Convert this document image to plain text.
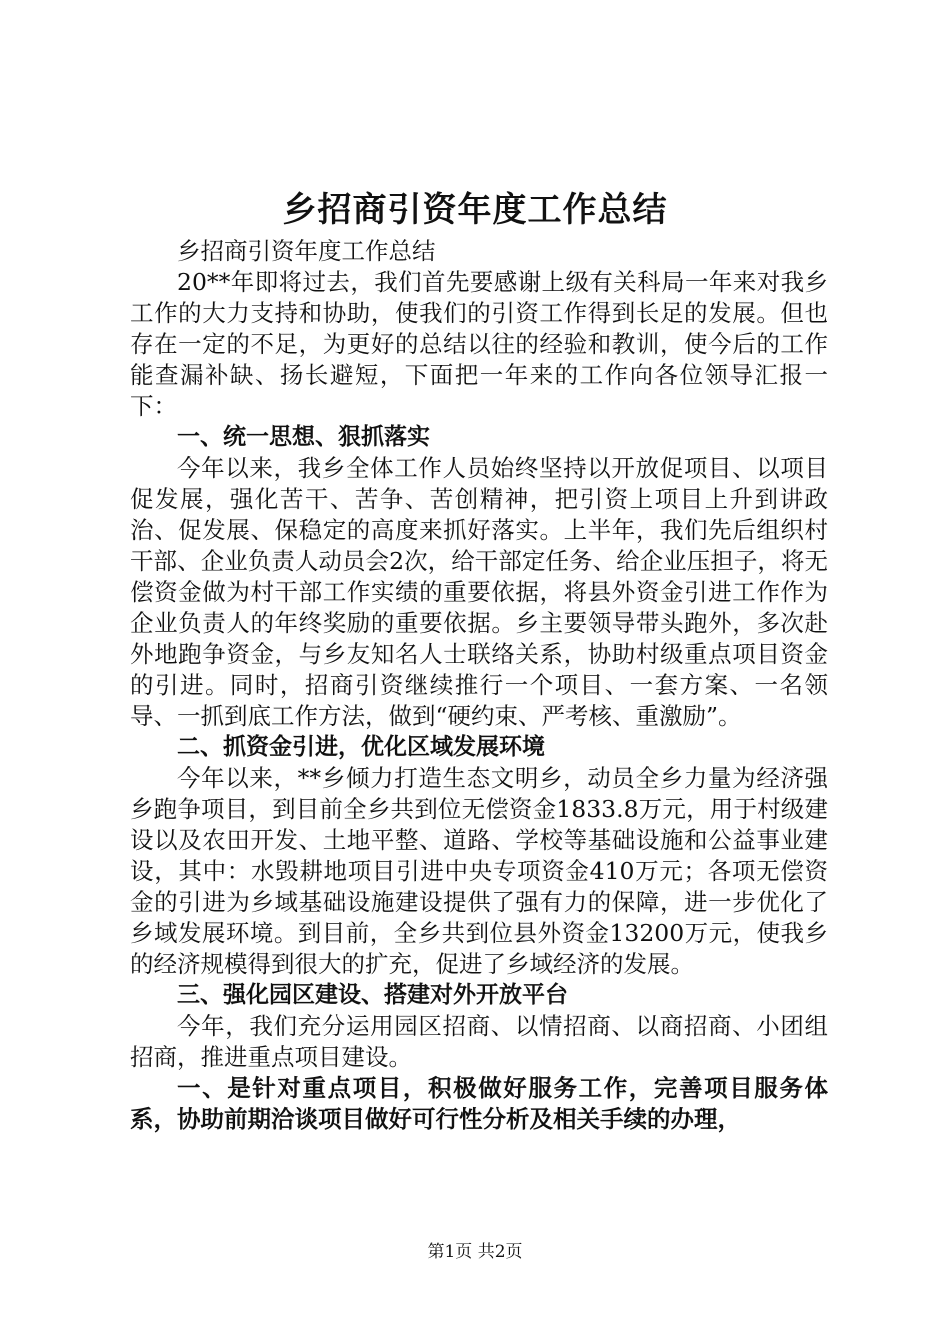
乡招商引资年度工作总结

乡招商引资年度工作总结

20**年即将过去，我们首先要感谢上级有关科局一年来对我乡工作的大力支持和协助，使我们的引资工作得到长足的发展。但也存在一定的不足，为更好的总结以往的经验和教训，使今后的工作能查漏补缺、扬长避短，下面把一年来的工作向各位领导汇报一下：

一、统一思想、狠抓落实

今年以来，我乡全体工作人员始终坚持以开放促项目、以项目促发展，强化苦干、苦争、苦创精神，把引资上项目上升到讲政治、促发展、保稳定的高度来抓好落实。上半年，我们先后组织村干部、企业负责人动员会2次，给干部定任务、给企业压担子，将无偿资金做为村干部工作实绩的重要依据，将县外资金引进工作作为企业负责人的年终奖励的重要依据。乡主要领导带头跑外，多次赴外地跑争资金，与乡友知名人士联络关系，协助村级重点项目资金的引进。同时，招商引资继续推行一个项目、一套方案、一名领导、一抓到底工作方法，做到“硬约束、严考核、重激励”。

二、抓资金引进，优化区域发展环境

今年以来，**乡倾力打造生态文明乡，动员全乡力量为经济强乡跑争项目，到目前全乡共到位无偿资金1833.8万元，用于村级建设以及农田开发、土地平整、道路、学校等基础设施和公益事业建设，其中：水毁耕地项目引进中央专项资金410万元；各项无偿资金的引进为乡域基础设施建设提供了强有力的保障，进一步优化了乡域发展环境。到目前，全乡共到位县外资金13200万元，使我乡的经济规模得到很大的扩充，促进了乡域经济的发展。

三、强化园区建设、搭建对外开放平台

今年，我们充分运用园区招商、以情招商、以商招商、小团组招商，推进重点项目建设。

一、是针对重点项目，积极做好服务工作，完善项目服务体系，协助前期洽谈项目做好可行性分析及相关手续的办理，

第1页 共2页
